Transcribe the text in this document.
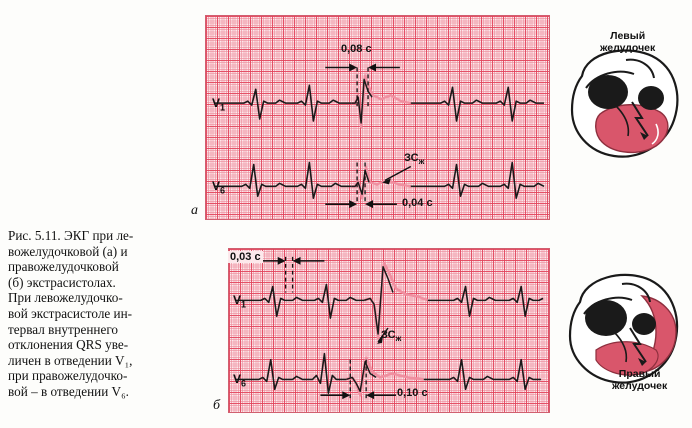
Рис. 5.11. ЭКГ при ле-
вожелудочковой (а) и
правожелудочковой
(б) экстрасистолах.
При левожелудочко-
вой экстрасистоле ин-
тервал внутреннего
отклонения QRS уве-
личен в отведении V₁,
при правожелудочко-
вой – в отведении V₆.
$V_1$
$V_6$
0,08 с
0,04 с
$ЗС_ж$
а
$V_1$
$V_6$
0,03 с
0,10 с
$ЗС_ж$
б
Левый
желудочек
Правый
желудочек
